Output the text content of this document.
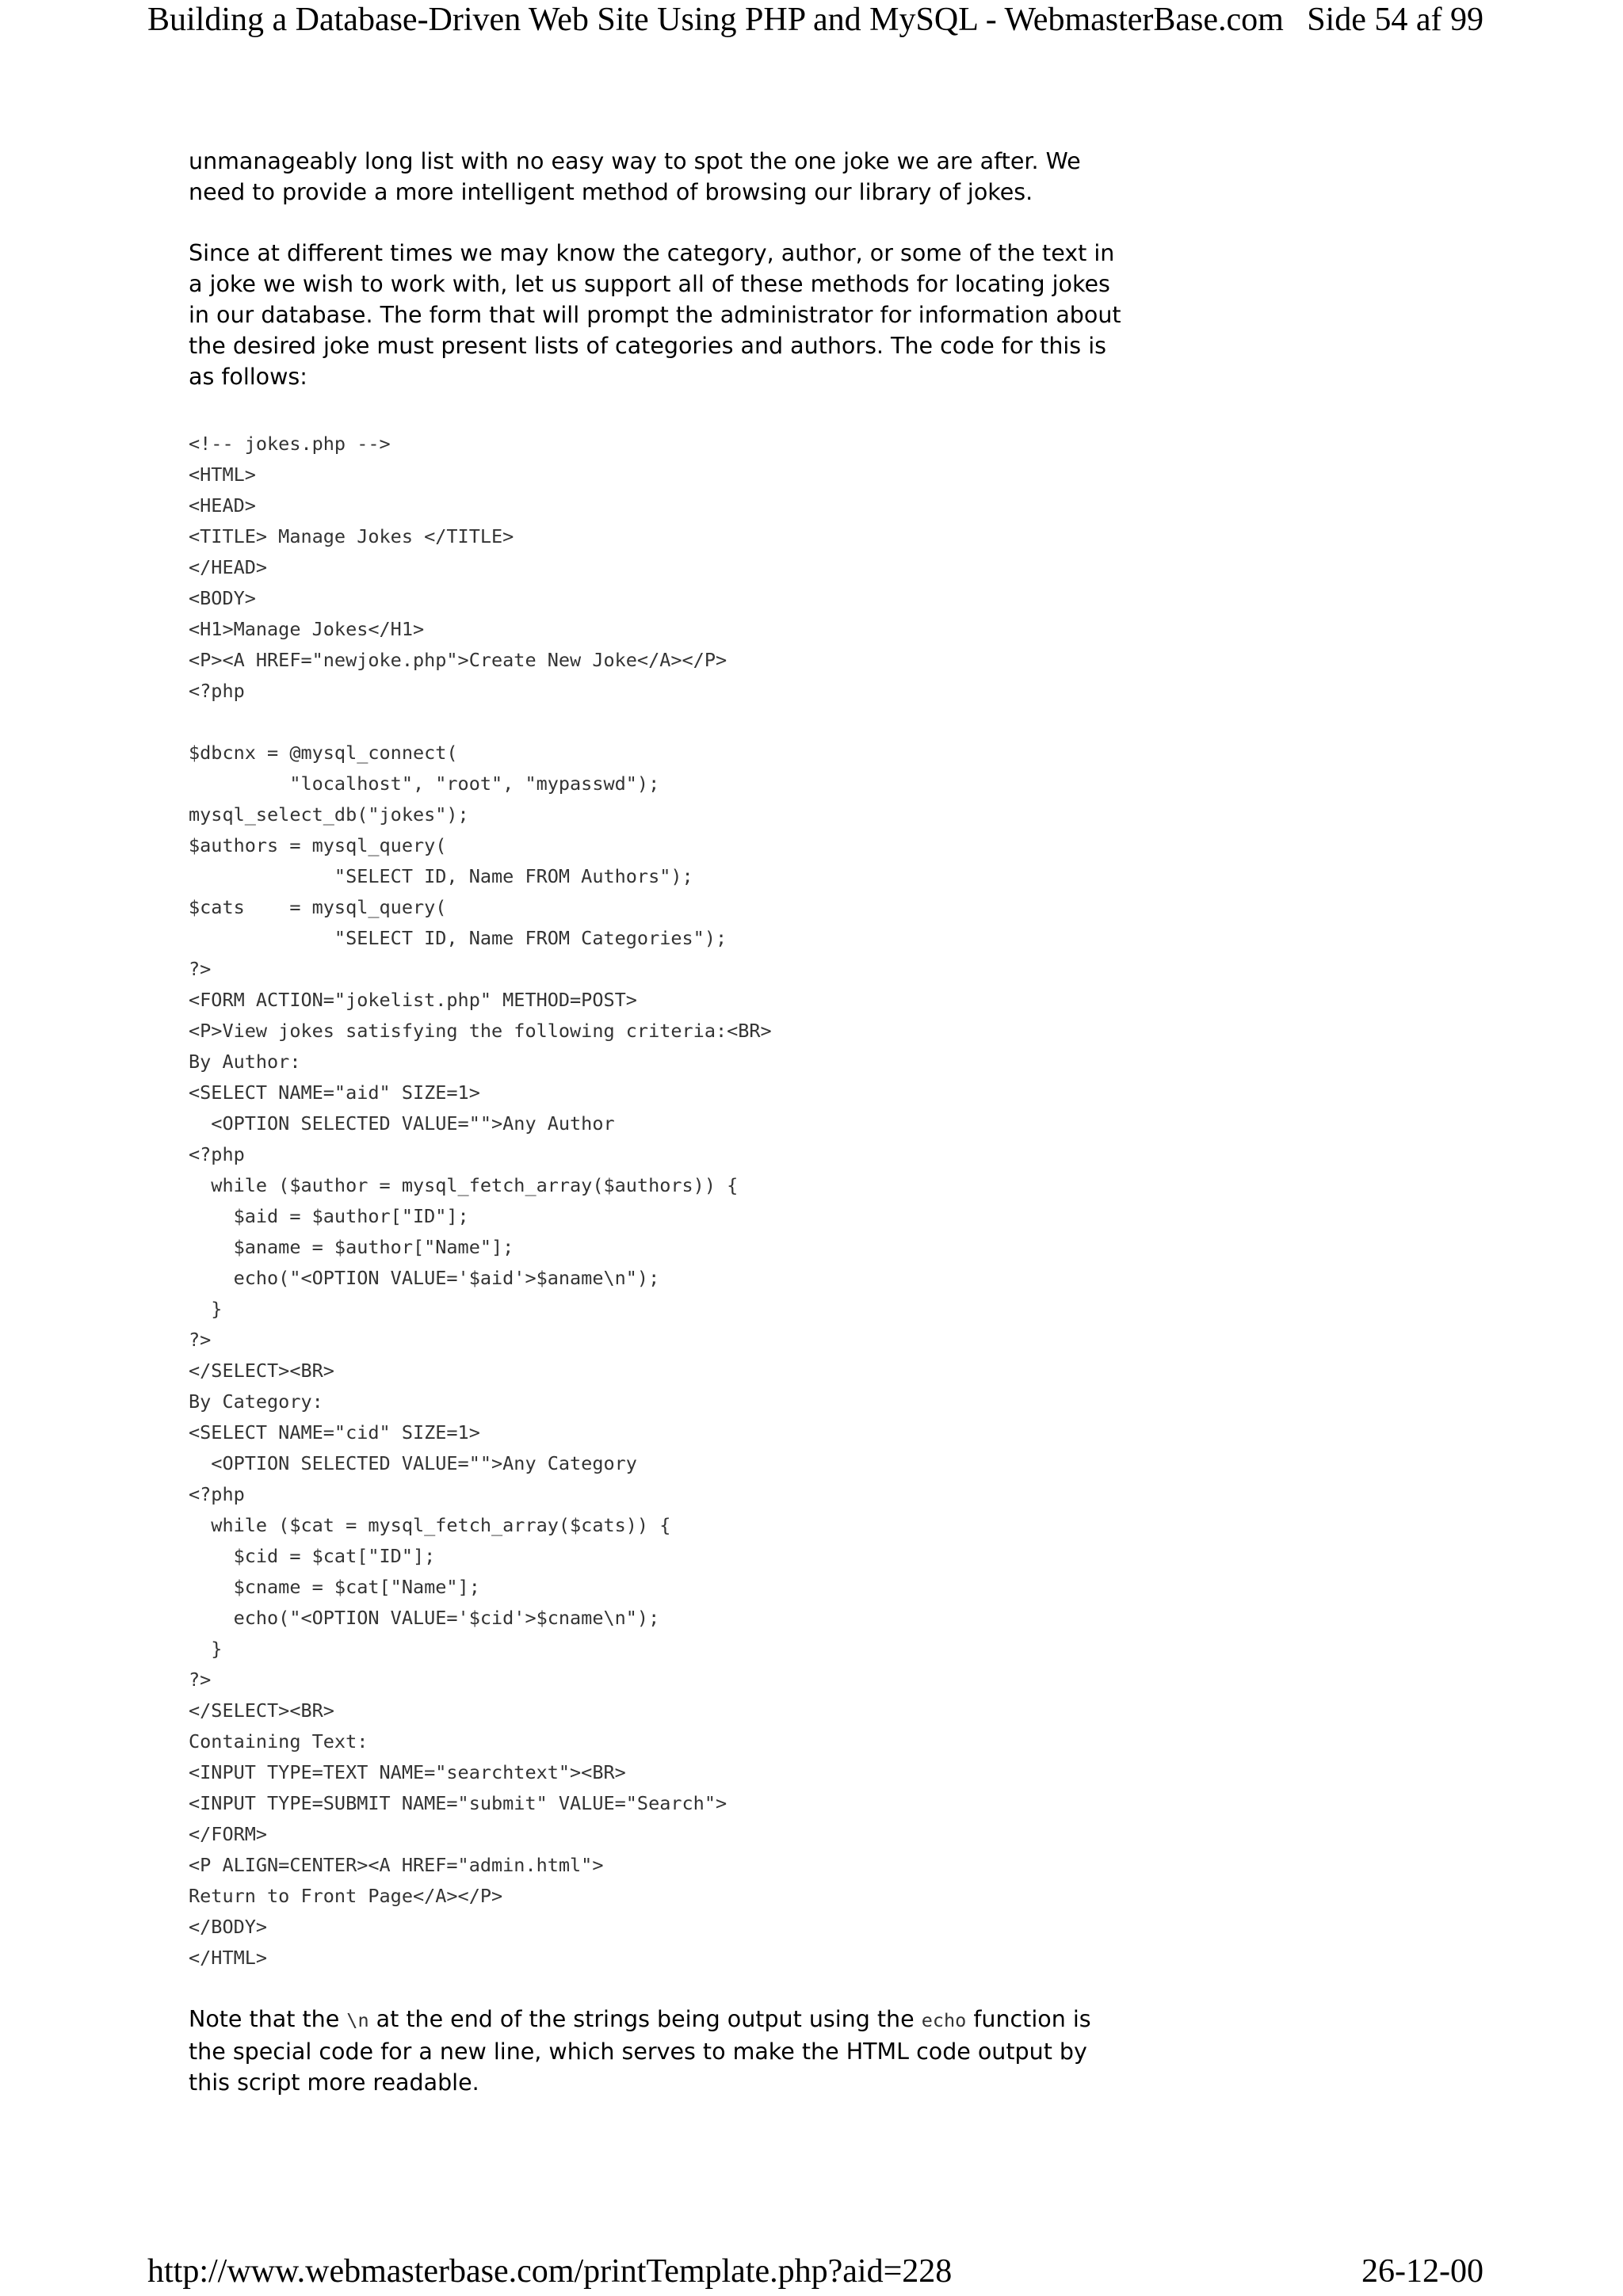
Building a Database-Driven Web Site Using PHP and MySQL - WebmasterBase.com Side 54 af 99

unmanageably long list with no easy way to spot the one joke we are after. We need to provide a more intelligent method of browsing our library of jokes.

Since at different times we may know the category, author, or some of the text in a joke we wish to work with, let us support all of these methods for locating jokes in our database. The form that will prompt the administrator for information about the desired joke must present lists of categories and authors. The code for this is as follows:

<!-- jokes.php -->
<HTML>
<HEAD>
<TITLE> Manage Jokes </TITLE>
</HEAD>
<BODY>
<H1>Manage Jokes</H1>
<P><A HREF="newjoke.php">Create New Joke</A></P>
<?php
$dbcnx = @mysql_connect(
"localhost", "root", "mypasswd");
mysql_select_db("jokes");
$authors = mysql_query(
"SELECT ID, Name FROM Authors");
$cats    = mysql_query(
"SELECT ID, Name FROM Categories");
?>
<FORM ACTION="jokelist.php" METHOD=POST>
<P>View jokes satisfying the following criteria:<BR>
By Author:
<SELECT NAME="aid" SIZE=1>
<OPTION SELECTED VALUE="">Any Author
<?php
while ($author = mysql_fetch_array($authors)) {
$aid = $author["ID"];
$aname = $author["Name"];
echo("<OPTION VALUE='$aid'>$aname\n");
}
?>
</SELECT><BR>
By Category:
<SELECT NAME="cid" SIZE=1>
<OPTION SELECTED VALUE="">Any Category
<?php
while ($cat = mysql_fetch_array($cats)) {
$cid = $cat["ID"];
$cname = $cat["Name"];
echo("<OPTION VALUE='$cid'>$cname\n");
}
?>
</SELECT><BR>
Containing Text:
<INPUT TYPE=TEXT NAME="searchtext"><BR>
<INPUT TYPE=SUBMIT NAME="submit" VALUE="Search">
</FORM>
<P ALIGN=CENTER><A HREF="admin.html">
Return to Front Page</A></P>
</BODY>
</HTML>

Note that the \n at the end of the strings being output using the echo function is the special code for a new line, which serves to make the HTML code output by this script more readable.

http://www.webmasterbase.com/printTemplate.php?aid=228	26-12-00
